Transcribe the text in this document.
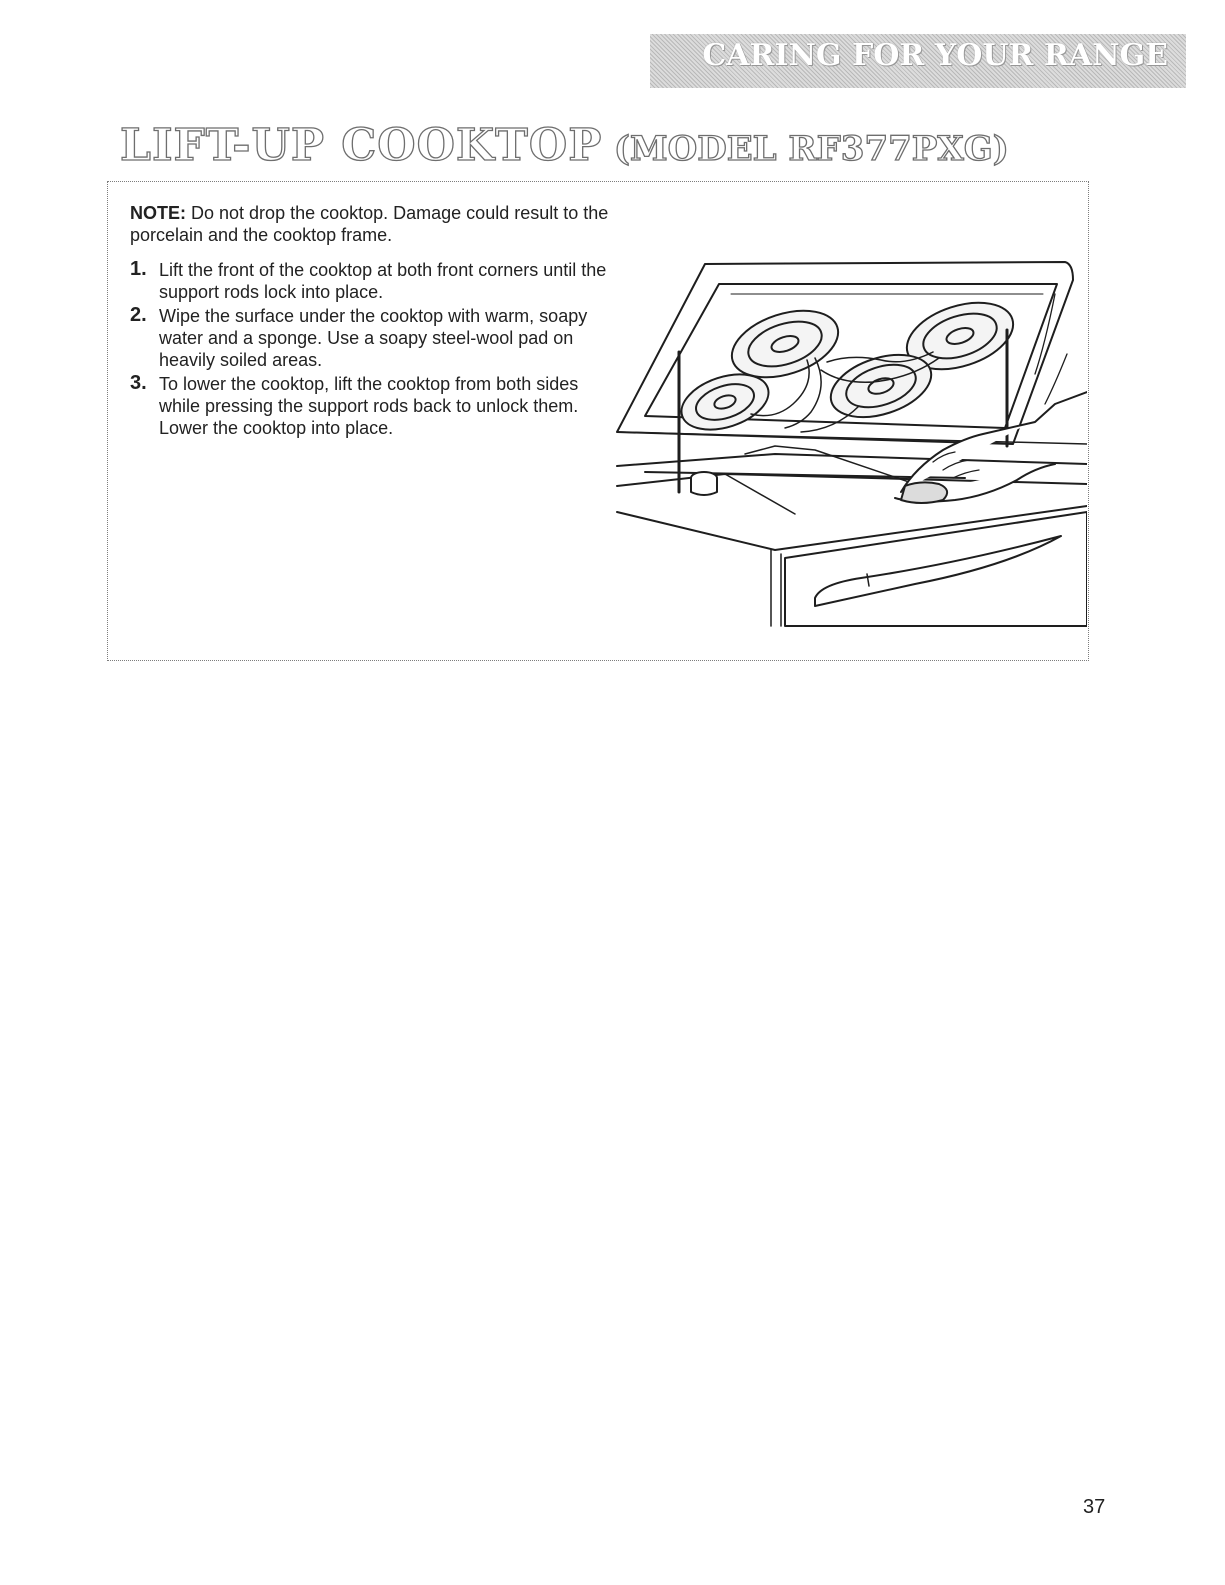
CARING FOR YOUR RANGE
LIFT-UP COOKTOP (MODEL RF377PXG)

NOTE: Do not drop the cooktop. Damage could result to the porcelain and the cooktop frame.

1. Lift the front of the cooktop at both front corners until the support rods lock into place.
2. Wipe the surface under the cooktop with warm, soapy water and a sponge. Use a soapy steel-wool pad on heavily soiled areas.
3. To lower the cooktop, lift the cooktop from both sides while pressing the support rods back to unlock them. Lower the cooktop into place.
37
